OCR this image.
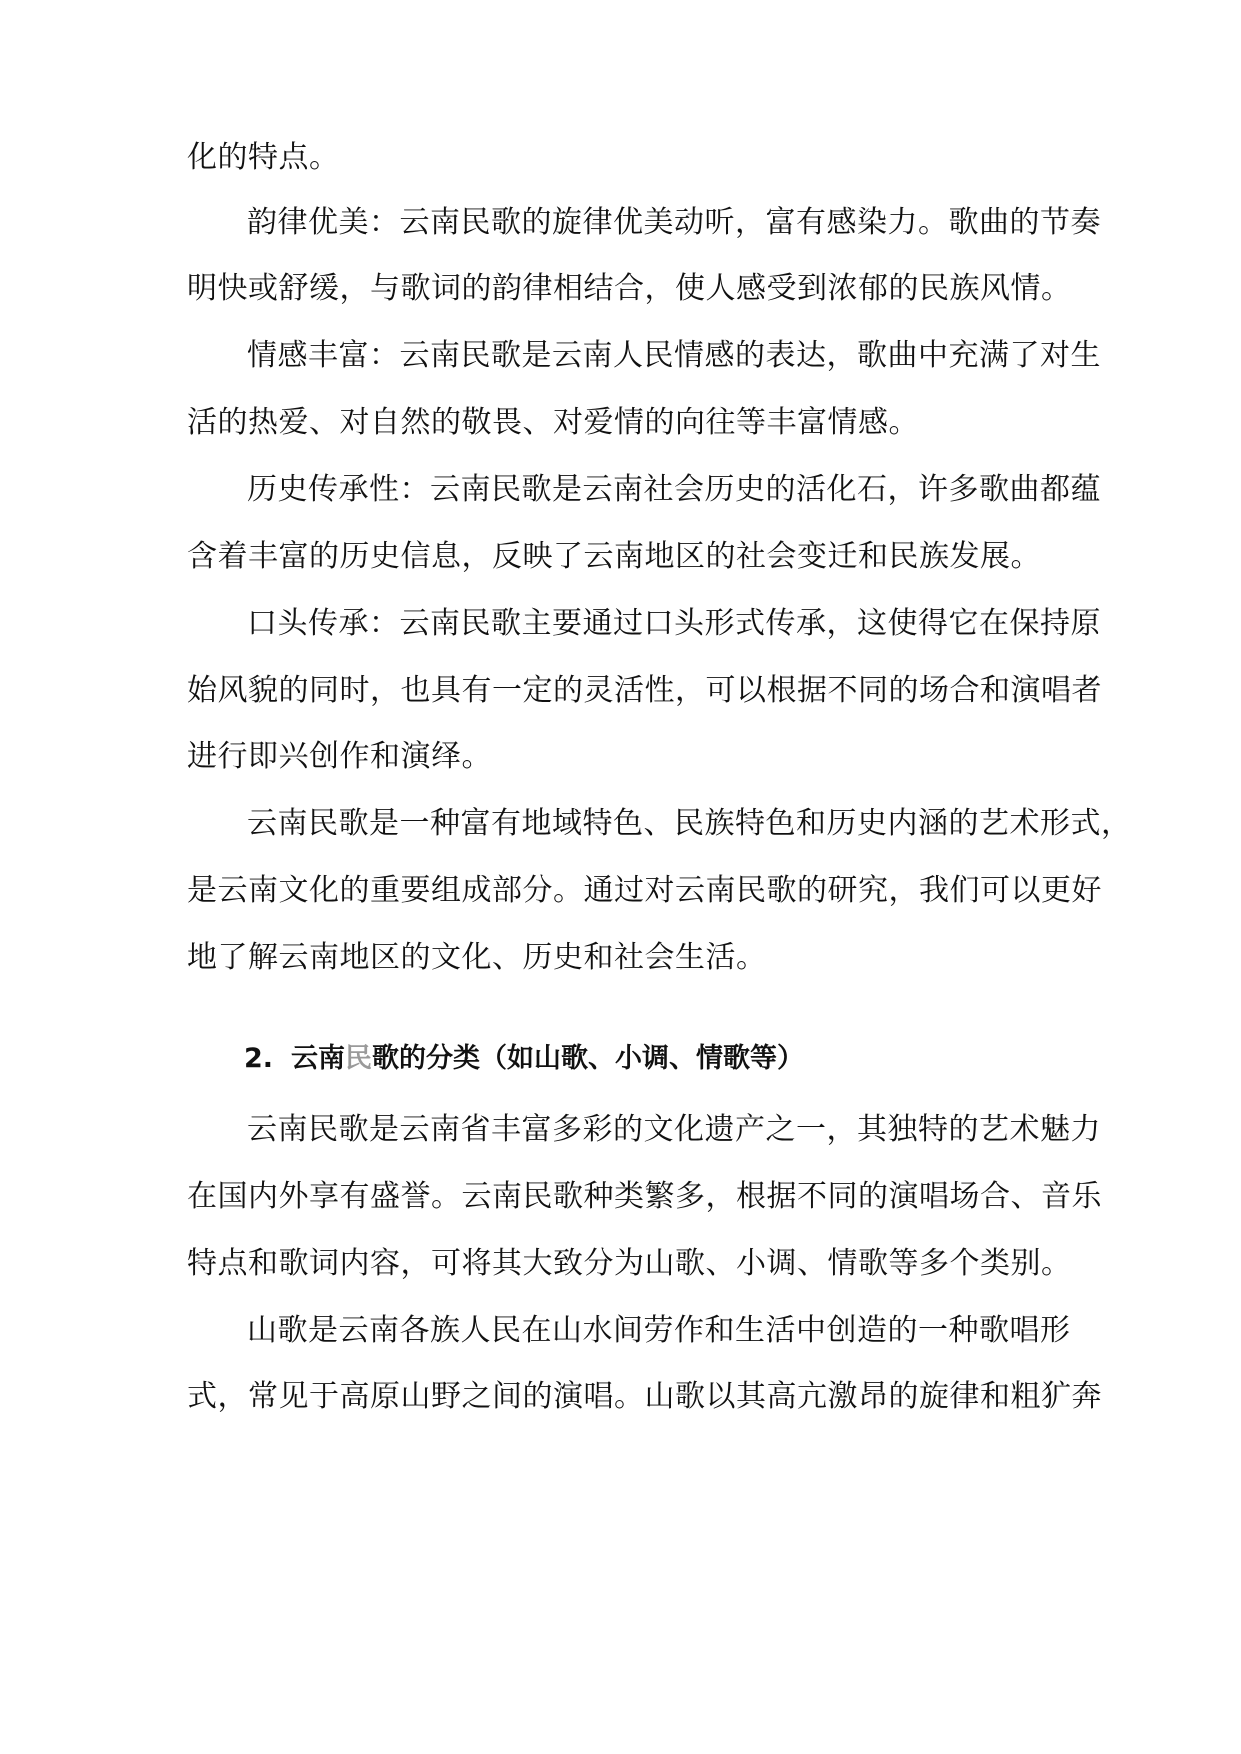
化的特点。
韵律优美：云南民歌的旋律优美动听，富有感染力。歌曲的节奏
明快或舒缓，与歌词的韵律相结合，使人感受到浓郁的民族风情。
情感丰富：云南民歌是云南人民情感的表达，歌曲中充满了对生
活的热爱、对自然的敬畏、对爱情的向往等丰富情感。
历史传承性：云南民歌是云南社会历史的活化石，许多歌曲都蕴
含着丰富的历史信息，反映了云南地区的社会变迁和民族发展。
口头传承：云南民歌主要通过口头形式传承，这使得它在保持原
始风貌的同时，也具有一定的灵活性，可以根据不同的场合和演唱者
进行即兴创作和演绎。
云南民歌是一种富有地域特色、民族特色和历史内涵的艺术形式，
是云南文化的重要组成部分。通过对云南民歌的研究，我们可以更好
地了解云南地区的文化、历史和社会生活。
2. 云南民歌的分类（如山歌、小调、情歌等）
云南民歌是云南省丰富多彩的文化遗产之一，其独特的艺术魅力
在国内外享有盛誉。云南民歌种类繁多，根据不同的演唱场合、音乐
特点和歌词内容，可将其大致分为山歌、小调、情歌等多个类别。
山歌是云南各族人民在山水间劳作和生活中创造的一种歌唱形
式，常见于高原山野之间的演唱。山歌以其高亢激昂的旋律和粗犷奔
